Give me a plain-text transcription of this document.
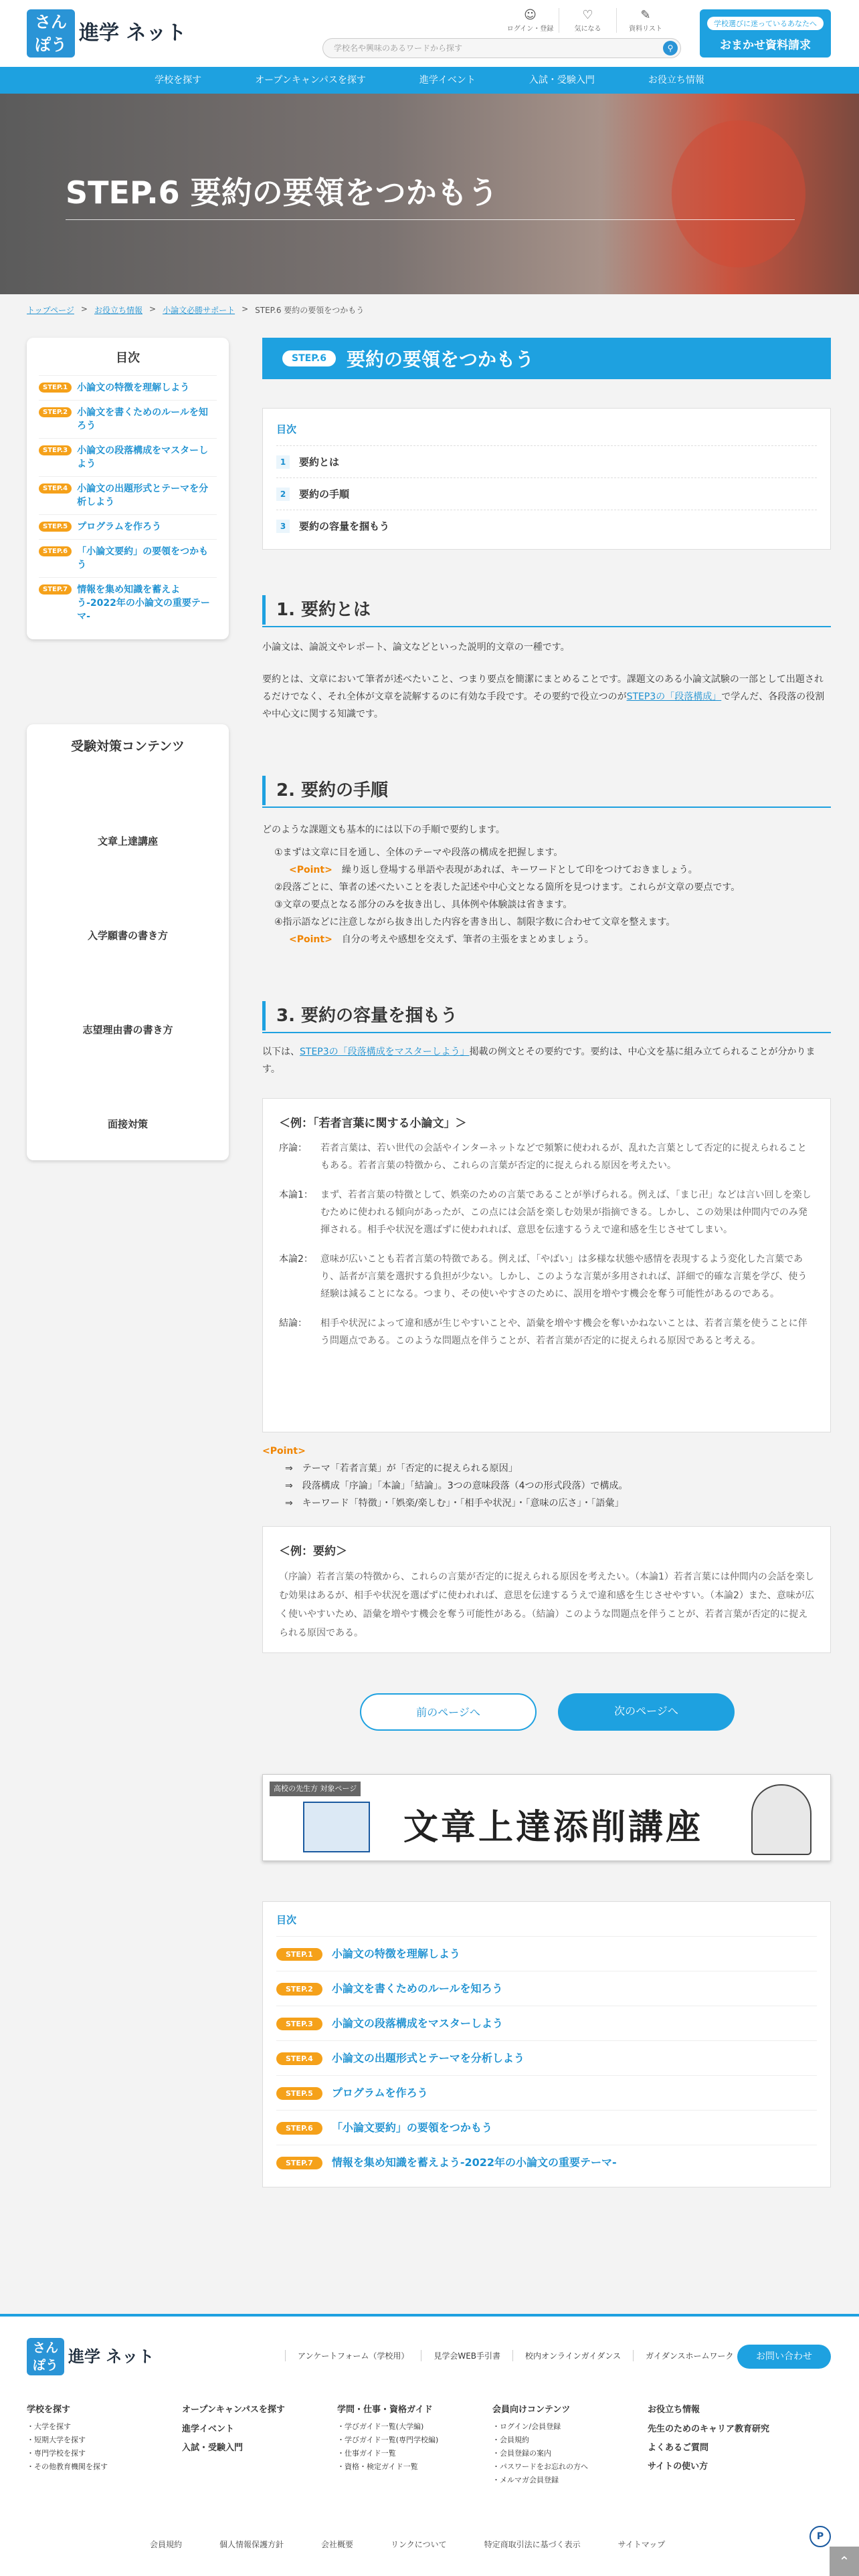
さん ぽう 進学 ネット
☺
ログイン・登録
♡
気になる
✎
資料リスト
学校名や興味のあるワードから探す	⚲
学校選びに迷っているあなたへ
おまかせ資料請求
学校を探す	オープンキャンパスを探す	進学イベント	入試・受験入門	お役立ち情報
STEP.6 要約の要領をつかもう
トップページ > お役立ち情報 > 小論文必勝サポート > STEP.6 要約の要領をつかもう
目次
STEP.1	小論文の特徴を理解しよう
STEP.2	小論文を書くためのルールを知ろう
STEP.3	小論文の段落構成をマスターしよう
STEP.4	小論文の出題形式とテーマを分析しよう
STEP.5	プログラムを作ろう
STEP.6	「小論文要約」の要領をつかもう
STEP.7	情報を集め知識を蓄えよう-2022年の小論文の重要テーマ-
受験対策コンテンツ
文章上達講座
入学願書の書き方
志望理由書の書き方
面接対策
STEP.6	要約の要領をつかもう
目次
1	要約とは
2	要約の手順
3	要約の容量を掴もう
1. 要約とは
小論文は、論説文やレポート、論文などといった説明的文章の一種です。
要約とは、文章において筆者が述べたいこと、つまり要点を簡潔にまとめることです。課題文のある小論文試験の一部として出題されるだけでなく、それ全体が文章を読解するのに有効な手段です。その要約で役立つのがSTEP3の「段落構成」で学んだ、各段落の役割や中心文に関する知識です。
2. 要約の手順
どのような課題文も基本的には以下の手順で要約します。
①まずは文章に目を通し、全体のテーマや段落の構成を把握します。
<Point>　繰り返し登場する単語や表現があれば、キーワードとして印をつけておきましょう。
②段落ごとに、筆者の述べたいことを表した記述や中心文となる箇所を見つけます。これらが文章の要点です。
③文章の要点となる部分のみを抜き出し、具体例や体験談は省きます。
④指示語などに注意しながら抜き出した内容を書き出し、制限字数に合わせて文章を整えます。
<Point>　自分の考えや感想を交えず、筆者の主張をまとめましょう。
3. 要約の容量を掴もう
以下は、STEP3の「段落構成をマスターしよう」掲載の例文とその要約です。要約は、中心文を基に組み立てられることが分かります。
＜例：「若者言葉に関する小論文」＞
序論：	若者言葉は、若い世代の会話やインターネットなどで頻繁に使われるが、乱れた言葉として否定的に捉えられることもある。若者言葉の特徴から、これらの言葉が否定的に捉えられる原因を考えたい。
本論1： まず、若者言葉の特徴として、娯楽のための言葉であることが挙げられる。例えば、「まじ卍」などは言い回しを楽しむために使われる傾向があったが、この点には会話を楽しむ効果が指摘できる。しかし、この効果は仲間内でのみ発揮される。相手や状況を選ばずに使われれば、意思を伝達するうえで違和感を生じさせてしまい。
本論2： 意味が広いことも若者言葉の特徴である。例えば、「やばい」は多様な状態や感情を表現するよう変化した言葉であり、話者が言葉を選択する負担が少ない。しかし、このような言葉が多用されれば、詳細で的確な言葉を学び、使う経験は減ることになる。つまり、その使いやすさのために、誤用を増やす機会を奪う可能性があるのである。
結論：	相手や状況によって違和感が生じやすいことや、語彙を増やす機会を奪いかねないことは、若者言葉を使うことに伴う問題点である。このような問題点を伴うことが、若者言葉が否定的に捉えられる原因であると考える。
<Point>
⇒　テーマ「若者言葉」が「否定的に捉えられる原因」
⇒　段落構成「序論」「本論」「結論」。3つの意味段落（4つの形式段落）で構成。
⇒　キーワード「特徴」・「娯楽/楽しむ」・「相手や状況」・「意味の広さ」・「語彙」
＜例：要約＞
（序論）若者言葉の特徴から、これらの言葉が否定的に捉えられる原因を考えたい。（本論1）若者言葉には仲間内の会話を楽しむ効果はあるが、相手や状況を選ばずに使われれば、意思を伝達するうえで違和感を生じさせやすい。（本論2）また、意味が広く使いやすいため、語彙を増やす機会を奪う可能性がある。（結論）このような問題点を伴うことが、若者言葉が否定的に捉えられる原因である。
前のページへ	次のページへ
高校の先生方 対象ページ
文章上達添削講座
目次
STEP.1	小論文の特徴を理解しよう
STEP.2	小論文を書くためのルールを知ろう
STEP.3	小論文の段落構成をマスターしよう
STEP.4	小論文の出題形式とテーマを分析しよう
STEP.5	プログラムを作ろう
STEP.6	「小論文要約」の要領をつかもう
STEP.7	情報を集め知識を蓄えよう-2022年の小論文の重要テーマ-
さん ぽう 進学 ネット	アンケートフォーム（学校用）	見学会WEB手引書	校内オンラインガイダンス	ガイダンスホームワーク	お問い合わせ
学校を探す
・大学を探す
・短期大学を探す
・専門学校を探す
・その他教育機関を探す
オープンキャンパスを探す
進学イベント
入試・受験入門
学問・仕事・資格ガイド
・学びガイド一覧(大学編)
・学びガイド一覧(専門学校編)
・仕事ガイド一覧
・資格・検定ガイド一覧
会員向けコンテンツ
・ログイン/会員登録
・会員規約
・会員登録の案内
・パスワードをお忘れの方へ
・メルマガ会員登録
お役立ち情報
先生のためのキャリア教育研究
よくあるご質問
サイトの使い方
会員規約	個人情報保護方針	会社概要	リンクについて	特定商取引法に基づく表示	サイトマップ
P
⌃
